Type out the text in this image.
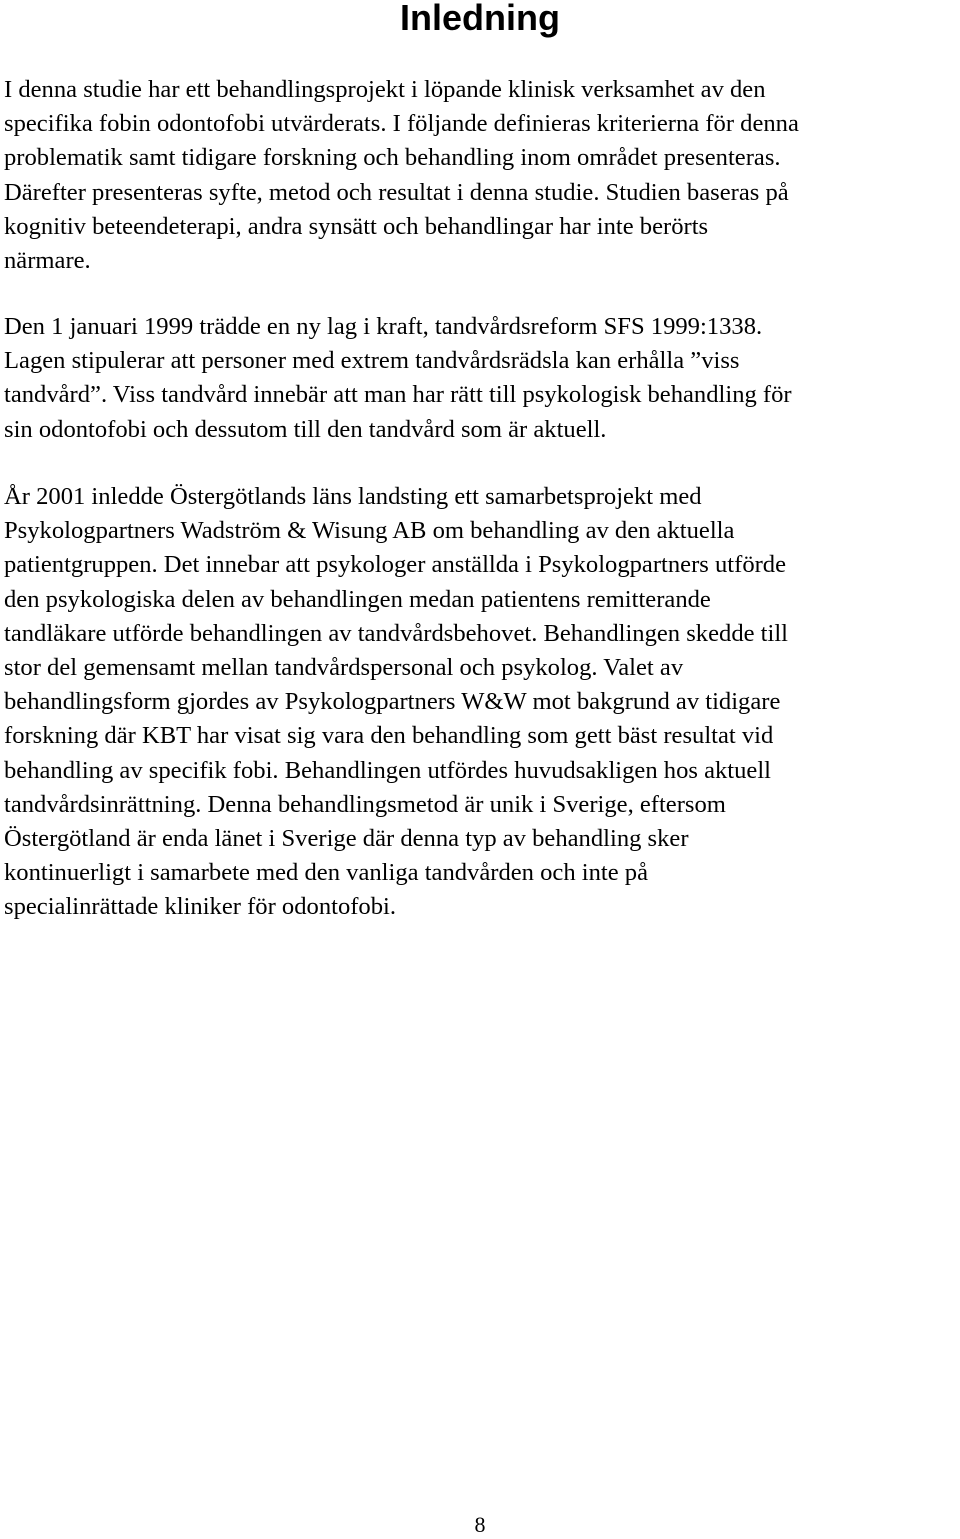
Inledning

I denna studie har ett behandlingsprojekt i löpande klinisk verksamhet av den
specifika fobin odontofobi utvärderats. I följande definieras kriterierna för denna
problematik samt tidigare forskning och behandling inom området presenteras.
Därefter presenteras syfte, metod och resultat i denna studie. Studien baseras på
kognitiv beteendeterapi, andra synsätt och behandlingar har inte berörts
närmare.

Den 1 januari 1999 trädde en ny lag i kraft, tandvårdsreform SFS 1999:1338.
Lagen stipulerar att personer med extrem tandvårdsrädsla kan erhålla ”viss
tandvård”. Viss tandvård innebär att man har rätt till psykologisk behandling för
sin odontofobi och dessutom till den tandvård som är aktuell.

År 2001 inledde Östergötlands läns landsting ett samarbetsprojekt med
Psykologpartners Wadström & Wisung AB om behandling av den aktuella
patientgruppen. Det innebar att psykologer anställda i Psykologpartners utförde
den psykologiska delen av behandlingen medan patientens remitterande
tandläkare utförde behandlingen av tandvårdsbehovet. Behandlingen skedde till
stor del gemensamt mellan tandvårdspersonal och psykolog. Valet av
behandlingsform gjordes av Psykologpartners W&W mot bakgrund av tidigare
forskning där KBT har visat sig vara den behandling som gett bäst resultat vid
behandling av specifik fobi. Behandlingen utfördes huvudsakligen hos aktuell
tandvårdsinrättning. Denna behandlingsmetod är unik i Sverige, eftersom
Östergötland är enda länet i Sverige där denna typ av behandling sker
kontinuerligt i samarbete med den vanliga tandvården och inte på
specialinrättade kliniker för odontofobi.

8
